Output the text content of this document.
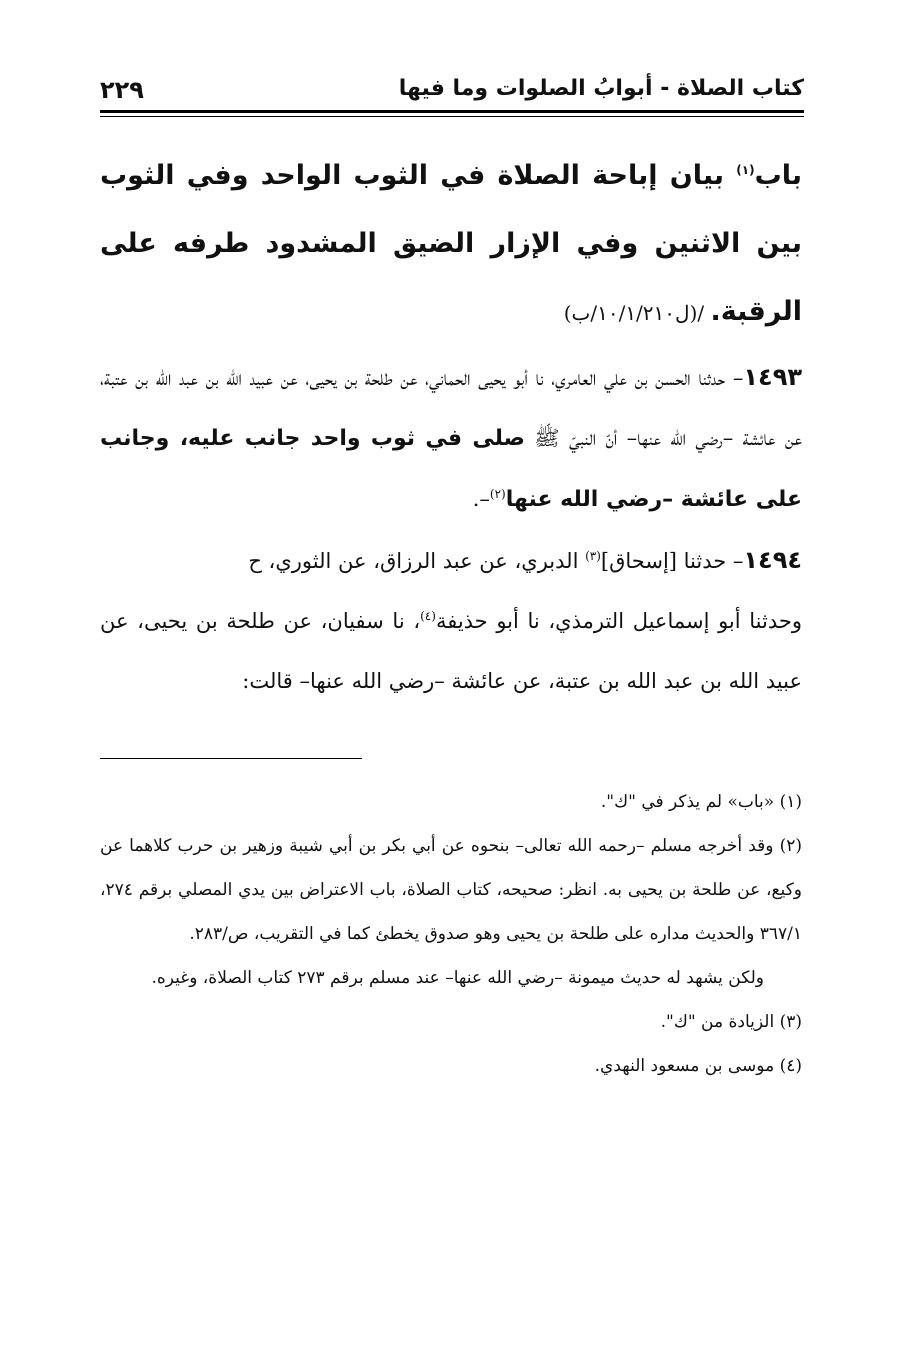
كتاب الصلاة - أبوابُ الصلوات وما فيها
٢٢٩
باب$^{(١)}$ بيان إباحة الصلاة في الثوب الواحد وفي الثوب بين الاثنين وفي الإزار الضيق المشدود طرفه على الرقبة. /(ل١٠/١/٢١٠/ب)

١٤٩٣– حدثنا الحسن بن علي العامري، نا أبو يحيى الحماني، عن طلحة بن يحيى، عن عبيد الله بن عبد الله بن عتبة، عن عائشة –رضي الله عنها– أنّ النبيّ ﷺ صلى في ثوب واحد جانب عليه، وجانب على عائشة –رضي الله عنها$^{(٢)}$–.

١٤٩٤– حدثنا [إسحاق]$^{(٣)}$ الدبري، عن عبد الرزاق، عن الثوري، ح

وحدثنا أبو إسماعيل الترمذي، نا أبو حذيفة$^{(٤)}$، نا سفيان، عن طلحة بن يحيى، عن عبيد الله بن عبد الله بن عتبة، عن عائشة –رضي الله عنها– قالت:

(١) «باب» لم يذكر في "ك".

(٢) وقد أخرجه مسلم –رحمه الله تعالى– بنحوه عن أبي بكر بن أبي شيبة وزهير بن حرب كلاهما عن وكيع، عن طلحة بن يحيى به. انظر: صحيحه، كتاب الصلاة، باب الاعتراض بين يدي المصلي برقم ٢٧٤، ٣٦٧/١ والحديث مداره على طلحة بن يحيى وهو صدوق يخطئ كما في التقريب، ص/٢٨٣.

ولكن يشهد له حديث ميمونة –رضي الله عنها– عند مسلم برقم ٢٧٣ كتاب الصلاة، وغيره.

(٣) الزيادة من "ك".

(٤) موسى بن مسعود النهدي.
